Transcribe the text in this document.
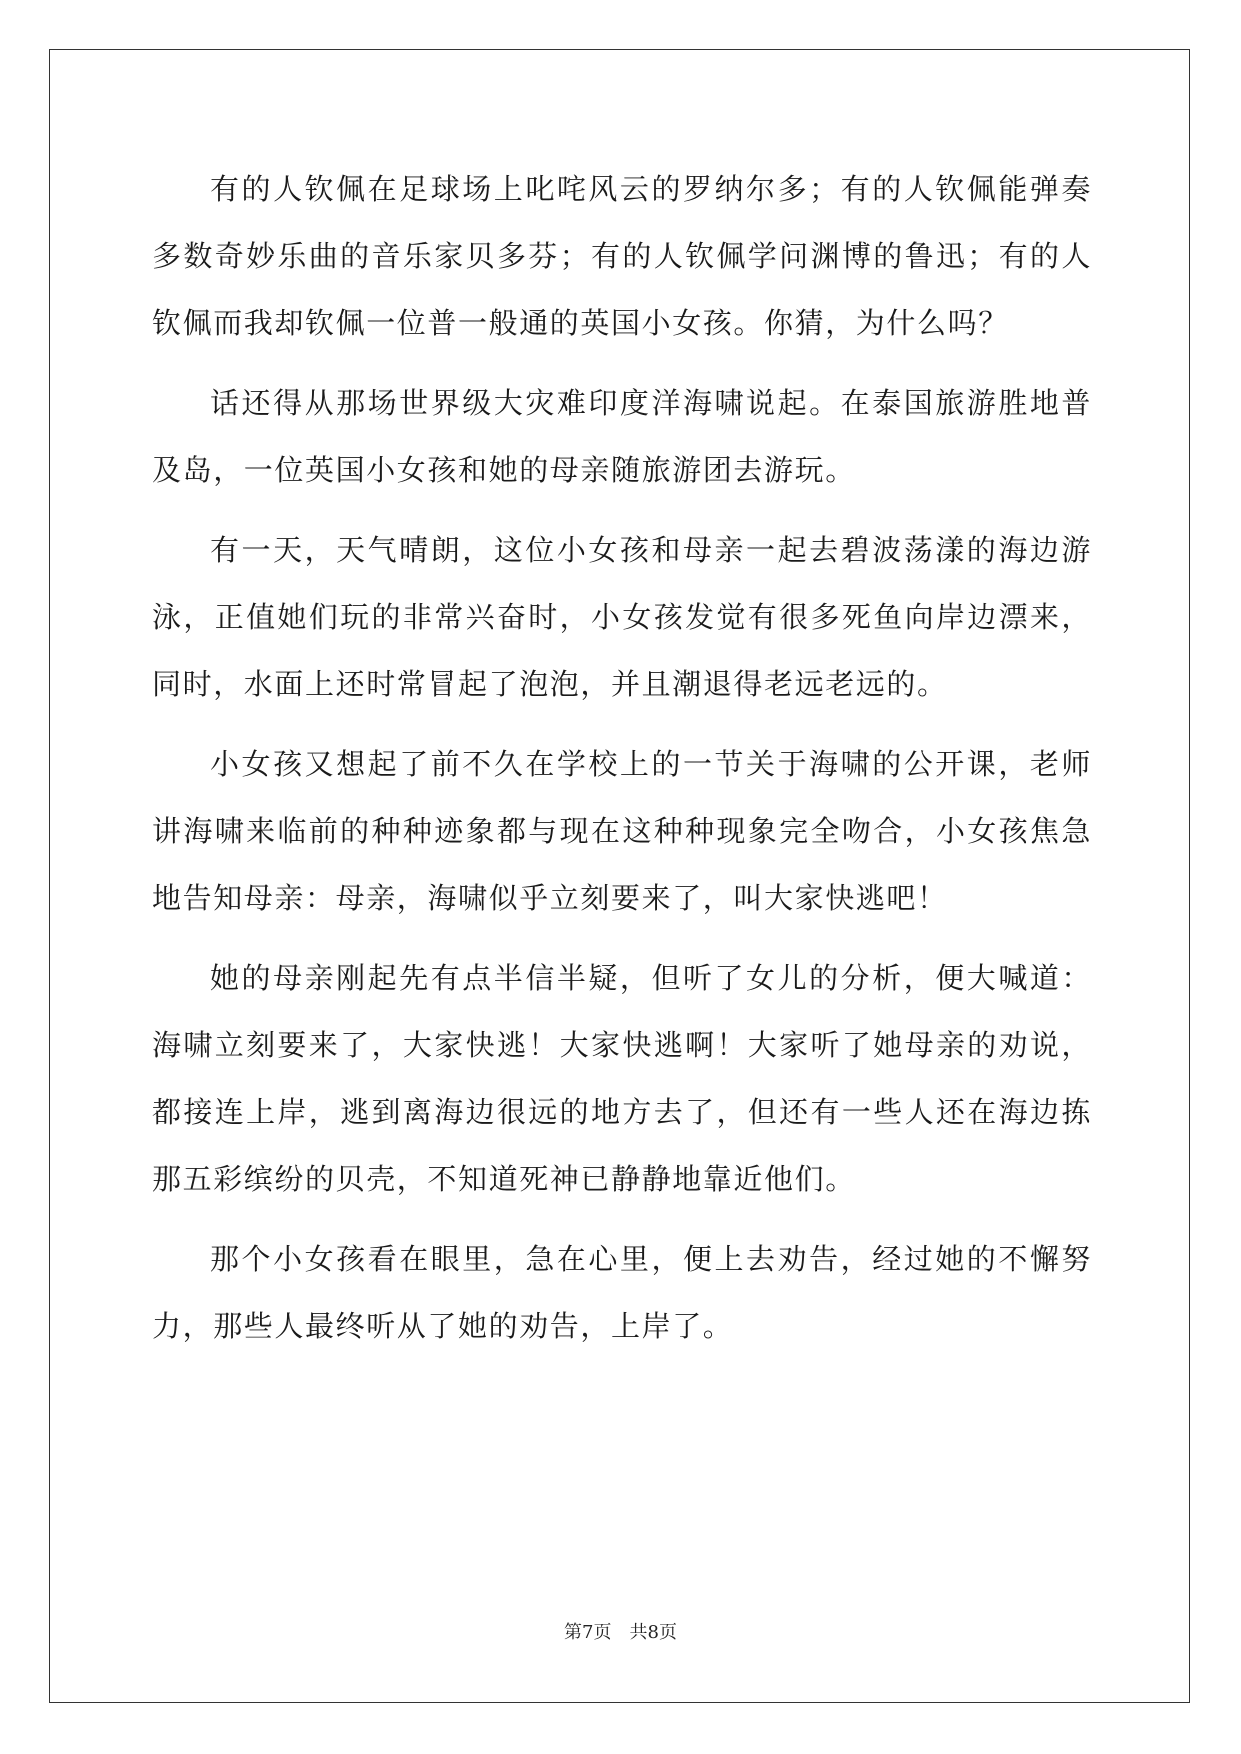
有的人钦佩在足球场上叱咤风云的罗纳尔多；有的人钦佩能弹奏多数奇妙乐曲的音乐家贝多芬；有的人钦佩学问渊博的鲁迅；有的人钦佩而我却钦佩一位普一般通的英国小女孩。你猜，为什么吗？

话还得从那场世界级大灾难印度洋海啸说起。在泰国旅游胜地普及岛，一位英国小女孩和她的母亲随旅游团去游玩。

有一天，天气晴朗，这位小女孩和母亲一起去碧波荡漾的海边游泳，正值她们玩的非常兴奋时，小女孩发觉有很多死鱼向岸边漂来，同时，水面上还时常冒起了泡泡，并且潮退得老远老远的。

小女孩又想起了前不久在学校上的一节关于海啸的公开课，老师讲海啸来临前的种种迹象都与现在这种种现象完全吻合，小女孩焦急地告知母亲：母亲，海啸似乎立刻要来了，叫大家快逃吧！

她的母亲刚起先有点半信半疑，但听了女儿的分析，便大喊道：海啸立刻要来了，大家快逃！大家快逃啊！大家听了她母亲的劝说，都接连上岸，逃到离海边很远的地方去了，但还有一些人还在海边拣那五彩缤纷的贝壳，不知道死神已静静地靠近他们。

那个小女孩看在眼里，急在心里，便上去劝告，经过她的不懈努力，那些人最终听从了她的劝告，上岸了。

第7页 共8页
